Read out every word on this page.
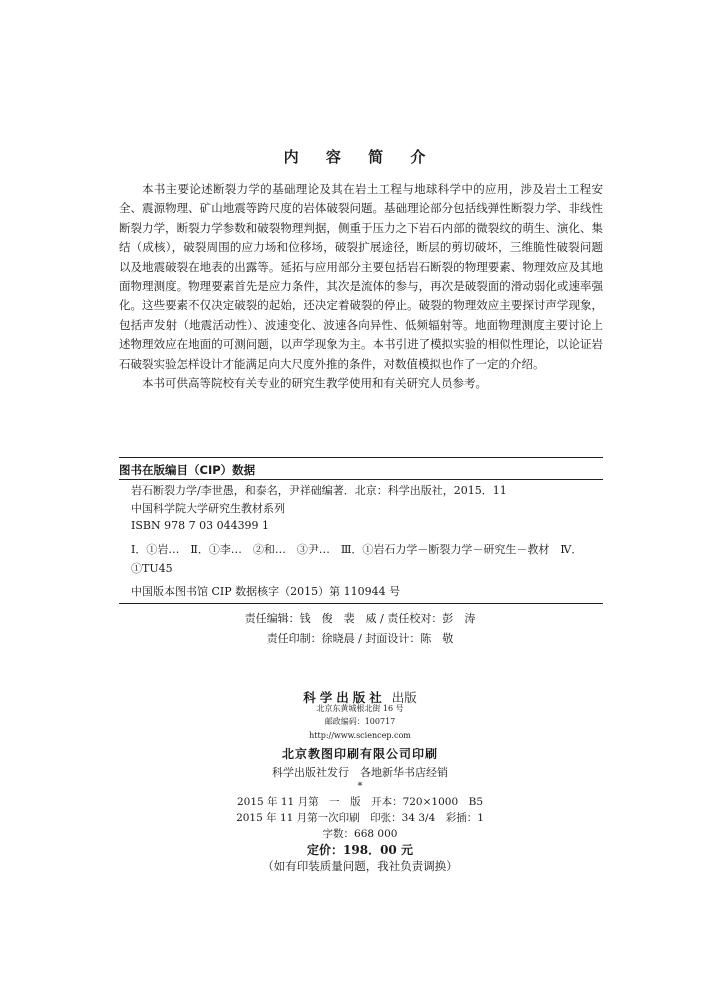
内 容 简 介

本书主要论述断裂力学的基础理论及其在岩土工程与地球科学中的应用，涉及岩土工程安全、震源物理、矿山地震等跨尺度的岩体破裂问题。基础理论部分包括线弹性断裂力学、非线性断裂力学，断裂力学参数和破裂物理判据，侧重于压力之下岩石内部的微裂纹的萌生、演化、集结（成核），破裂周围的应力场和位移场，破裂扩展途径，断层的剪切破坏，三维脆性破裂问题以及地震破裂在地表的出露等。延拓与应用部分主要包括岩石断裂的物理要素、物理效应及其地面物理测度。物理要素首先是应力条件，其次是流体的参与，再次是破裂面的滑动弱化或速率强化。这些要素不仅决定破裂的起始，还决定着破裂的停止。破裂的物理效应主要探讨声学现象，包括声发射（地震活动性）、波速变化、波速各向异性、低频辐射等。地面物理测度主要讨论上述物理效应在地面的可测问题，以声学现象为主。本书引进了模拟实验的相似性理论，以论证岩石破裂实验怎样设计才能满足向大尺度外推的条件，对数值模拟也作了一定的介绍。

本书可供高等院校有关专业的研究生教学使用和有关研究人员参考。

图书在版编目（CIP）数据
岩石断裂力学/李世愚，和泰名，尹祥础编著．北京：科学出版社，2015．11
中国科学院大学研究生教材系列
ISBN 978 7 03 044399 1
Ⅰ．①岩…　Ⅱ．①李…　②和…　③尹…　Ⅲ．①岩石力学－断裂力学－研究生－教材　Ⅳ．①TU45
中国版本图书馆 CIP 数据核字（2015）第 110944 号
责任编辑：钱　俊　裴　威 / 责任校对：彭　涛
责任印制：徐晓晨 / 封面设计：陈　敬
科学出版社 出版
北京东黄城根北街 16 号
邮政编码：100717
http://www.sciencep.com
北京教图印刷有限公司印刷
科学出版社发行　各地新华书店经销
*
2015 年 11 月第　一　版　开本：720×1000　B5
2015 年 11 月第一次印刷　印张：34 3/4　彩插：1
字数：668 000
定价：198．00 元
（如有印装质量问题，我社负责调换）
